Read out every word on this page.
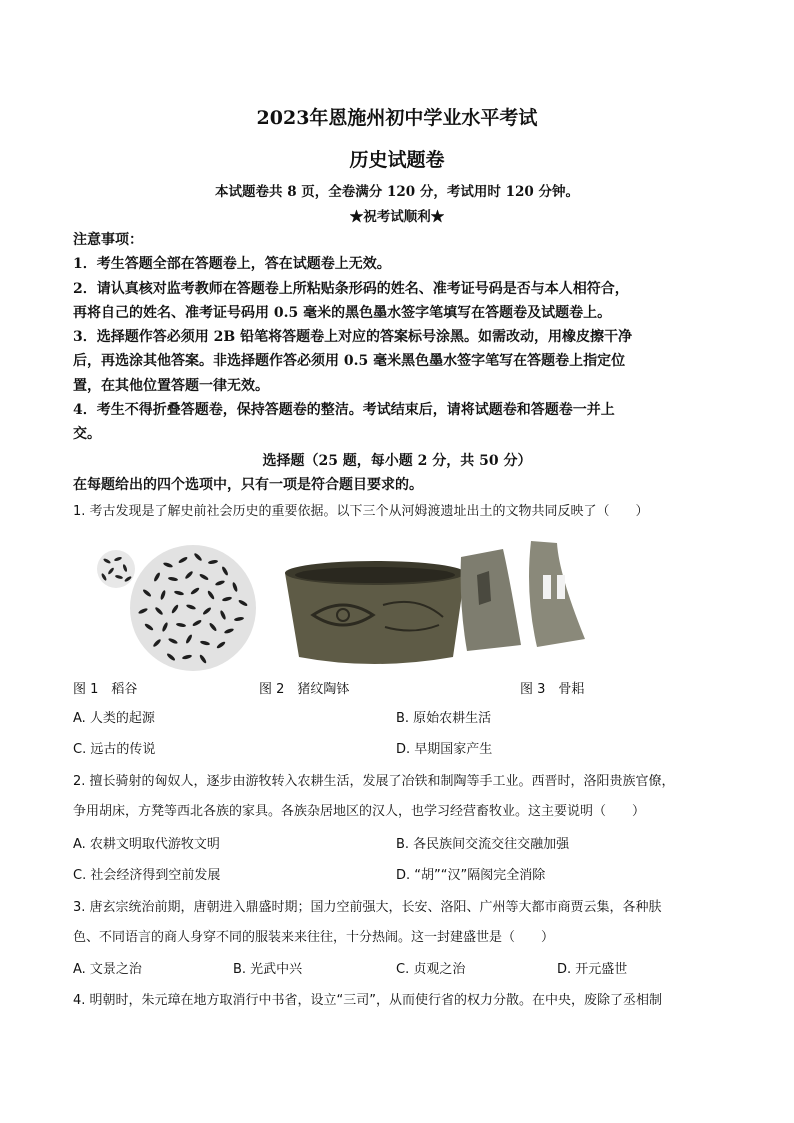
2023年恩施州初中学业水平考试
历史试题卷
本试题卷共 8 页，全卷满分 120 分，考试用时 120 分钟。
★祝考试顺利★

注意事项：

1．考生答题全部在答题卷上，答在试题卷上无效。

2．请认真核对监考教师在答题卷上所粘贴条形码的姓名、准考证号码是否与本人相符合，

再将自己的姓名、准考证号码用 0.5 毫米的黑色墨水签字笔填写在答题卷及试题卷上。

3．选择题作答必须用 2B 铅笔将答题卷上对应的答案标号涂黑。如需改动，用橡皮擦干净

后，再选涂其他答案。非选择题作答必须用 0.5 毫米黑色墨水签字笔写在答题卷上指定位

置，在其他位置答题一律无效。

4．考生不得折叠答题卷，保持答题卷的整洁。考试结束后，请将试题卷和答题卷一并上

交。

选择题（25 题，每小题 2 分，共 50 分）
在每题给出的四个选项中，只有一项是符合题目要求的。
1. 考古发现是了解史前社会历史的重要依据。以下三个从河姆渡遗址出土的文物共同反映了（　　）
图 1　稻谷	图 2　猪纹陶钵	图 3　骨耜
A. 人类的起源	B. 原始农耕生活
C. 远古的传说	D. 早期国家产生

2. 擅长骑射的匈奴人，逐步由游牧转入农耕生活，发展了冶铁和制陶等手工业。西晋时，洛阳贵族官僚，

争用胡床，方凳等西北各族的家具。各族杂居地区的汉人，也学习经营畜牧业。这主要说明（　　）

A. 农耕文明取代游牧文明	B. 各民族间交流交往交融加强
C. 社会经济得到空前发展	D. “胡”“汉”隔阂完全消除

3. 唐玄宗统治前期，唐朝进入鼎盛时期；国力空前强大，长安、洛阳、广州等大都市商贾云集，各种肤

色、不同语言的商人身穿不同的服装来来往往，十分热闹。这一封建盛世是（　　）

A. 文景之治	B. 光武中兴	C. 贞观之治	D. 开元盛世
4. 明朝时，朱元璋在地方取消行中书省，设立“三司”，从而使行省的权力分散。在中央，废除了丞相制
